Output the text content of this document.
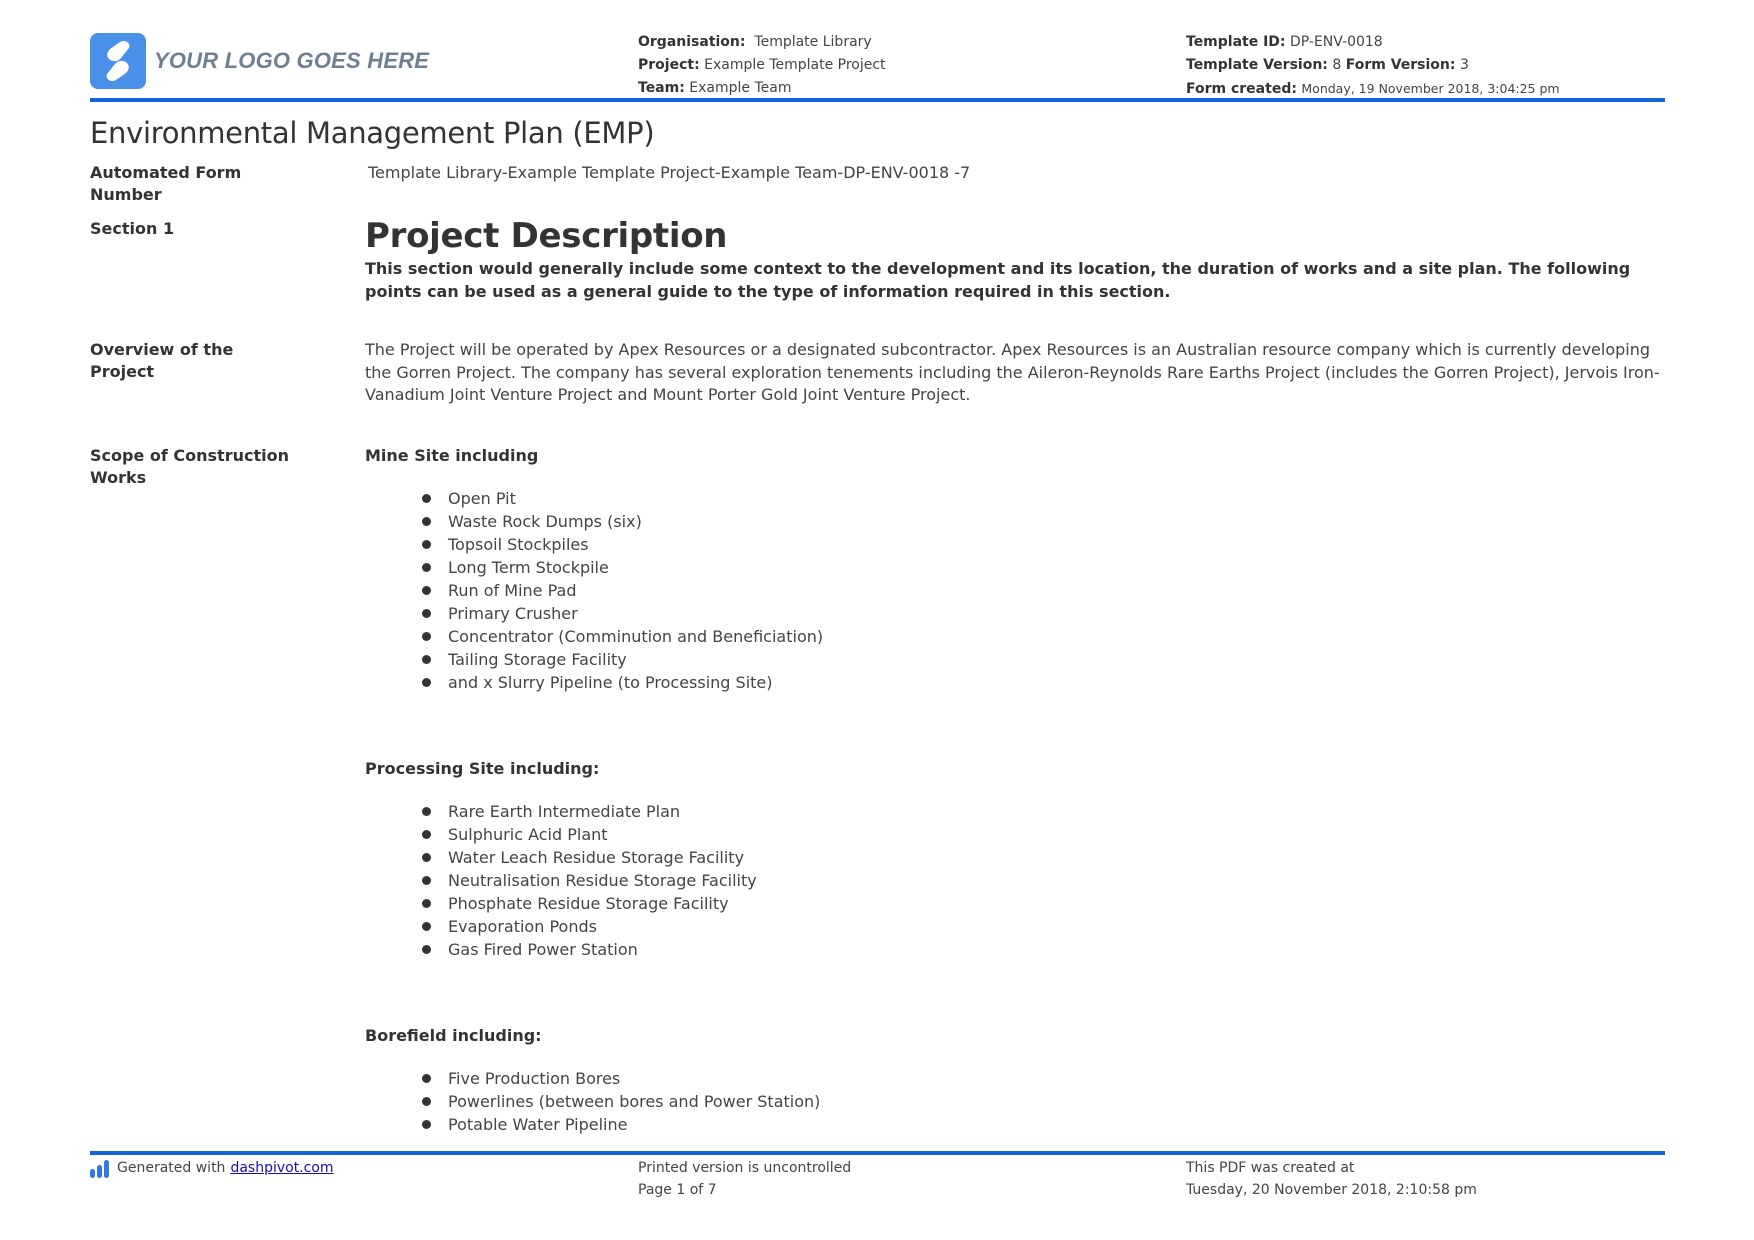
YOUR LOGO GOES HERE
Organisation: Template Library
Project: Example Template Project
Team: Example Team
Template ID: DP-ENV-0018
Template Version: 8 Form Version: 3
Form created: Monday, 19 November 2018, 3:04:25 pm
Environmental Management Plan (EMP)
Automated Form Number
Template Library-Example Template Project-Example Team-DP-ENV-0018 -7
Section 1	Project Description
This section would generally include some context to the development and its location, the duration of works and a site plan. The following points can be used as a general guide to the type of information required in this section.
Overview of the Project
The Project will be operated by Apex Resources or a designated subcontractor. Apex Resources is an Australian resource company which is currently developing the Gorren Project. The company has several exploration tenements including the Aileron-Reynolds Rare Earths Project (includes the Gorren Project), Jervois Iron-Vanadium Joint Venture Project and Mount Porter Gold Joint Venture Project.
Scope of Construction Works
Mine Site including
Open Pit
Waste Rock Dumps (six)
Topsoil Stockpiles
Long Term Stockpile
Run of Mine Pad
Primary Crusher
Concentrator (Comminution and Beneficiation)
Tailing Storage Facility
and x Slurry Pipeline (to Processing Site)
Processing Site including:
Rare Earth Intermediate Plan
Sulphuric Acid Plant
Water Leach Residue Storage Facility
Neutralisation Residue Storage Facility
Phosphate Residue Storage Facility
Evaporation Ponds
Gas Fired Power Station
Borefield including:
Five Production Bores
Powerlines (between bores and Power Station)
Potable Water Pipeline
Generated with dashpivot.com	Printed version is uncontrolled
Page 1 of 7
This PDF was created at
Tuesday, 20 November 2018, 2:10:58 pm
